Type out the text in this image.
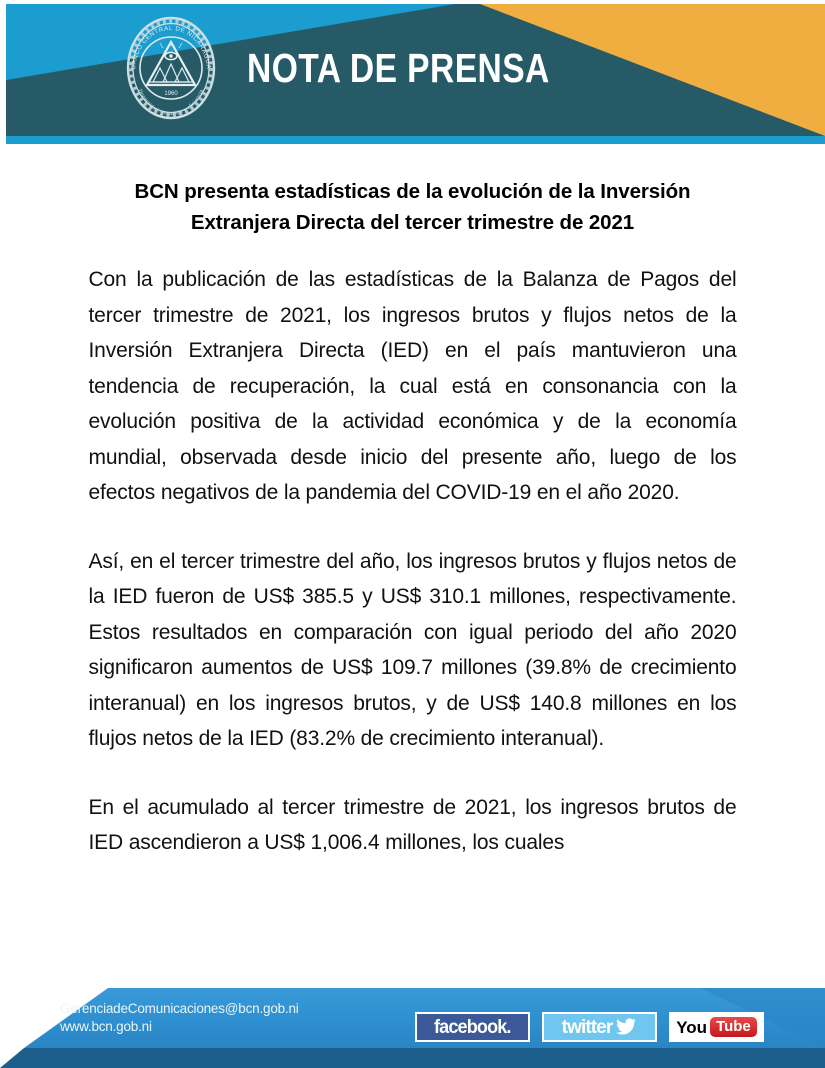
BANCO CENTRAL DE NICARAGUA
1960
Honestidad, vocación y eficiencia
NOTA DE PRENSA
BCN presenta estadísticas de la evolución de la Inversión Extranjera Directa del tercer trimestre de 2021

Con la publicación de las estadísticas de la Balanza de Pagos del tercer trimestre de 2021, los ingresos brutos y flujos netos de la Inversión Extranjera Directa (IED) en el país mantuvieron una tendencia de recuperación, la cual está en consonancia con la evolución positiva de la actividad económica y de la economía mundial, observada desde inicio del presente año, luego de los efectos negativos de la pandemia del COVID-19 en el año 2020.

Así, en el tercer trimestre del año, los ingresos brutos y flujos netos de la IED fueron de US$ 385.5 y US$ 310.1 millones, respectivamente. Estos resultados en comparación con igual periodo del año 2020 significaron aumentos de US$ 109.7 millones (39.8% de crecimiento interanual) en los ingresos brutos, y de US$ 140.8 millones en los flujos netos de la IED (83.2% de crecimiento interanual).

En el acumulado al tercer trimestre de 2021, los ingresos brutos de IED ascendieron a US$ 1,006.4 millones, los cuales

GerenciadeComunicaciones@bcn.gob.ni
www.bcn.gob.ni	facebook.	twitter	You Tube
